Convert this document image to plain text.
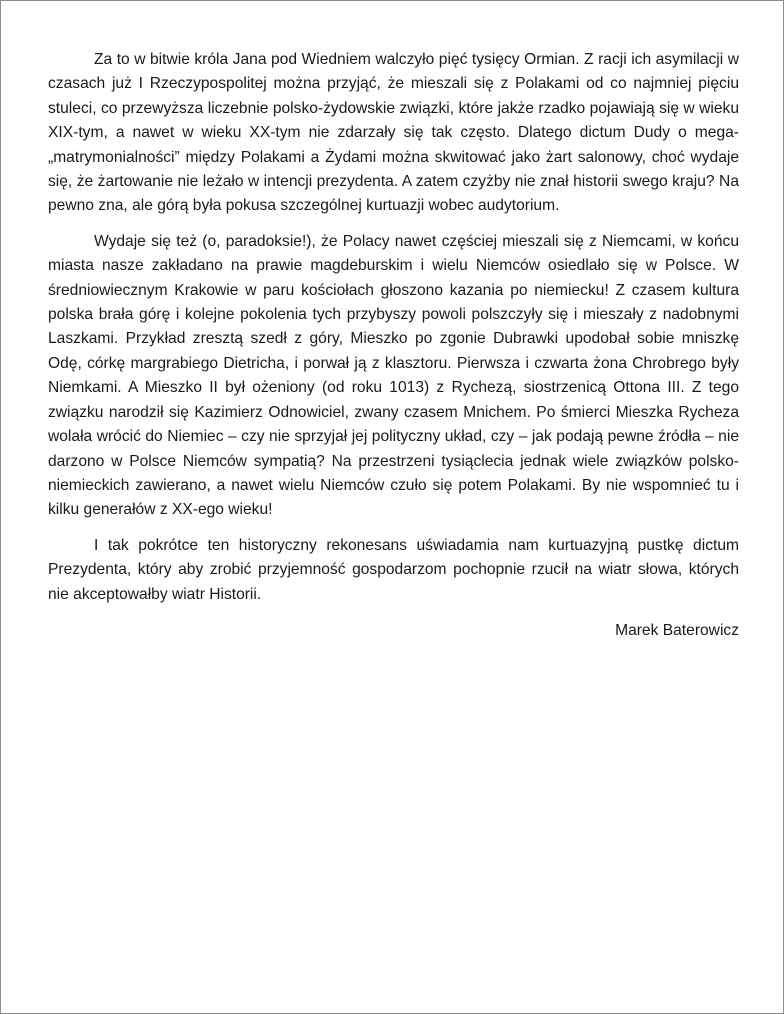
Za to w bitwie króla Jana pod Wiedniem walczyło pięć tysięcy Ormian. Z racji ich asymilacji w czasach już I Rzeczypospolitej można przyjąć, że mieszali się z Polakami od co najmniej pięciu stuleci, co przewyższa liczebnie polsko-żydowskie związki, które jakże rzadko pojawiają się w wieku XIX-tym, a nawet w wieku XX-tym nie zdarzały się tak często. Dlatego dictum Dudy o mega-„matrymonialności” między Polakami a Żydami można skwitować jako żart salonowy, choć wydaje się, że żartowanie nie leżało w intencji prezydenta. A zatem czyżby nie znał historii swego kraju? Na pewno zna, ale górą była pokusa szczególnej kurtuazji wobec audytorium.

Wydaje się też (o, paradoksie!), że Polacy nawet częściej mieszali się z Niemcami, w końcu miasta nasze zakładano na prawie magdeburskim i wielu Niemców osiedlało się w Polsce. W średniowiecznym Krakowie w paru kościołach głoszono kazania po niemiecku! Z czasem kultura polska brała górę i kolejne pokolenia tych przybyszy powoli polszczyły się i mieszały z nadobnymi Laszkami. Przykład zresztą szedł z góry, Mieszko po zgonie Dubrawki upodobał sobie mniszkę Odę, córkę margrabiego Dietricha, i porwał ją z klasztoru. Pierwsza i czwarta żona Chrobrego były Niemkami. A Mieszko II był ożeniony (od roku 1013) z Rychezą, siostrzenicą Ottona III. Z tego związku narodził się Kazimierz Odnowiciel, zwany czasem Mnichem. Po śmierci Mieszka Rycheza wolała wrócić do Niemiec – czy nie sprzyjał jej polityczny układ, czy – jak podają pewne źródła – nie darzono w Polsce Niemców sympatią? Na przestrzeni tysiąclecia jednak wiele związków polsko-niemieckich zawierano, a nawet wielu Niemców czuło się potem Polakami. By nie wspomnieć tu i kilku generałów z XX-ego wieku!

I tak pokrótce ten historyczny rekonesans uświadamia nam kurtuazyjną pustkę dictum Prezydenta, który aby zrobić przyjemność gospodarzom pochopnie rzucił na wiatr słowa, których nie akceptowałby wiatr Historii.

Marek Baterowicz
